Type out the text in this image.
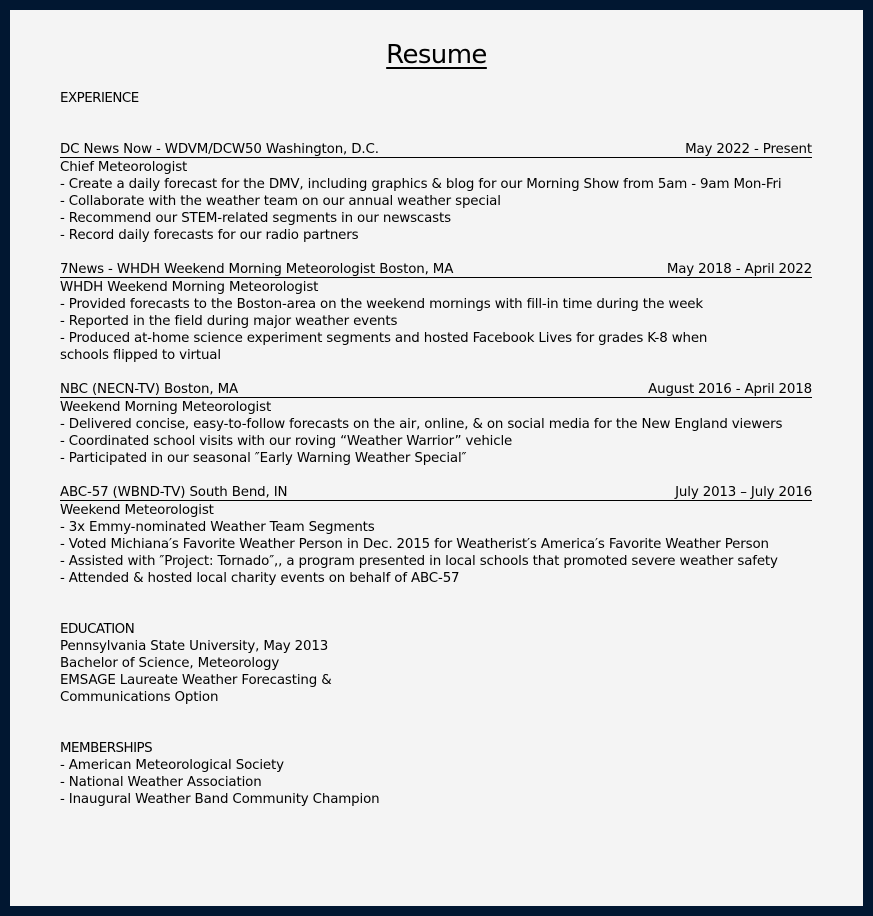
Resume
EXPERIENCE
DC News Now - WDVM/DCW50 Washington, D.C.	May 2022 - Present
Chief Meteorologist
- Create a daily forecast for the DMV, including graphics & blog for our Morning Show from 5am - 9am Mon-Fri
- Collaborate with the weather team on our annual weather special
- Recommend our STEM-related segments in our newscasts
- Record daily forecasts for our radio partners
7News - WHDH Weekend Morning Meteorologist Boston, MA	May 2018 - April 2022
WHDH Weekend Morning Meteorologist
- Provided forecasts to the Boston-area on the weekend mornings with fill-in time during the week
- Reported in the field during major weather events
- Produced at-home science experiment segments and hosted Facebook Lives for grades K-8 when
schools flipped to virtual
NBC (NECN-TV) Boston, MA	August 2016 - April 2018
Weekend Morning Meteorologist
- Delivered concise, easy-to-follow forecasts on the air, online, & on social media for the New England viewers
- Coordinated school visits with our roving “Weather Warrior” vehicle
- Participated in our seasonal ″Early Warning Weather Special″
ABC-57 (WBND-TV) South Bend, IN	July 2013 – July 2016
Weekend Meteorologist
- 3x Emmy-nominated Weather Team Segments
- Voted Michiana′s Favorite Weather Person in Dec. 2015 for Weatherist′s America′s Favorite Weather Person
- Assisted with ″Project: Tornado″,, a program presented in local schools that promoted severe weather safety
- Attended & hosted local charity events on behalf of ABC-57
EDUCATION
Pennsylvania State University, May 2013
Bachelor of Science, Meteorology
EMSAGE Laureate Weather Forecasting &
Communications Option
MEMBERSHIPS
- American Meteorological Society
- National Weather Association
- Inaugural Weather Band Community Champion
